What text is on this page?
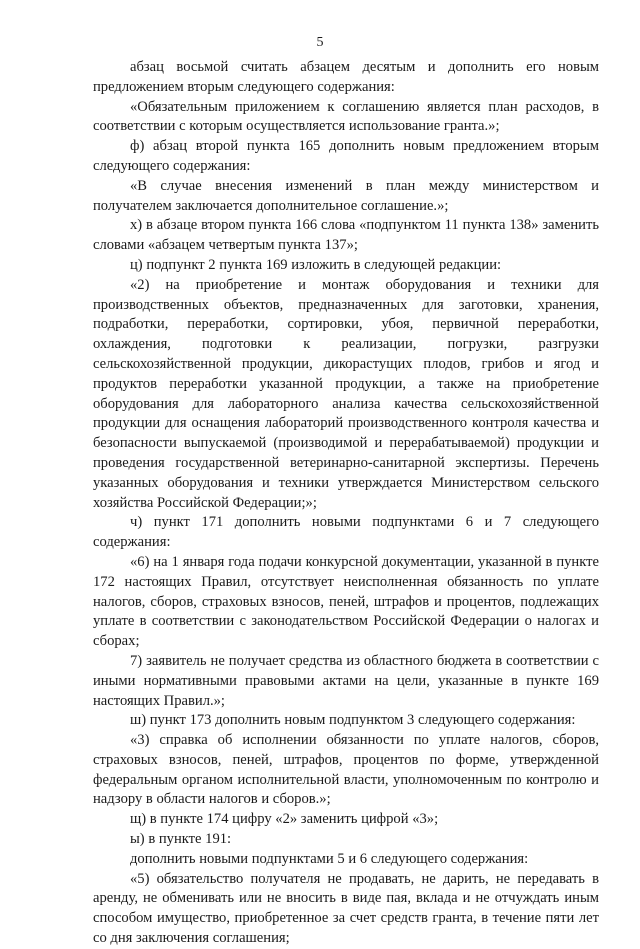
5

абзац восьмой считать абзацем десятым и дополнить его новым предложением вторым следующего содержания:

«Обязательным приложением к соглашению является план расходов, в соответствии с которым осуществляется использование гранта.»;

ф) абзац второй пункта 165 дополнить новым предложением вторым следующего содержания:

«В случае внесения изменений в план между министерством и получателем заключается дополнительное соглашение.»;

х) в абзаце втором пункта 166 слова «подпунктом 11 пункта 138» заменить словами «абзацем четвертым пункта 137»;

ц) подпункт 2 пункта 169 изложить в следующей редакции:

«2) на приобретение и монтаж оборудования и техники для производственных объектов, предназначенных для заготовки, хранения, подработки, переработки, сортировки, убоя, первичной переработки, охлаждения, подготовки к реализации, погрузки, разгрузки сельскохозяйственной продукции, дикорастущих плодов, грибов и ягод и продуктов переработки указанной продукции, а также на приобретение оборудования для лабораторного анализа качества сельскохозяйственной продукции для оснащения лабораторий производственного контроля качества и безопасности выпускаемой (производимой и перерабатываемой) продукции и проведения государственной ветеринарно-санитарной экспертизы. Перечень указанных оборудования и техники утверждается Министерством сельского хозяйства Российской Федерации;»;

ч) пункт 171 дополнить новыми подпунктами 6 и 7 следующего содержания:

«6) на 1 января года подачи конкурсной документации, указанной в пункте 172 настоящих Правил, отсутствует неисполненная обязанность по уплате налогов, сборов, страховых взносов, пеней, штрафов и процентов, подлежащих уплате в соответствии с законодательством Российской Федерации о налогах и сборах;

7) заявитель не получает средства из областного бюджета в соответствии с иными нормативными правовыми актами на цели, указанные в пункте 169 настоящих Правил.»;

ш) пункт 173 дополнить новым подпунктом 3 следующего содержания:

«3) справка об исполнении обязанности по уплате налогов, сборов, страховых взносов, пеней, штрафов, процентов по форме, утвержденной федеральным органом исполнительной власти, уполномоченным по контролю и надзору в области налогов и сборов.»;

щ) в пункте 174 цифру «2» заменить цифрой «3»;

ы) в пункте 191:

дополнить новыми подпунктами 5 и 6 следующего содержания:

«5) обязательство получателя не продавать, не дарить, не передавать в аренду, не обменивать или не вносить в виде пая, вклада и не отчуждать иным способом имущество, приобретенное за счет средств гранта, в течение пяти лет со дня заключения соглашения;
